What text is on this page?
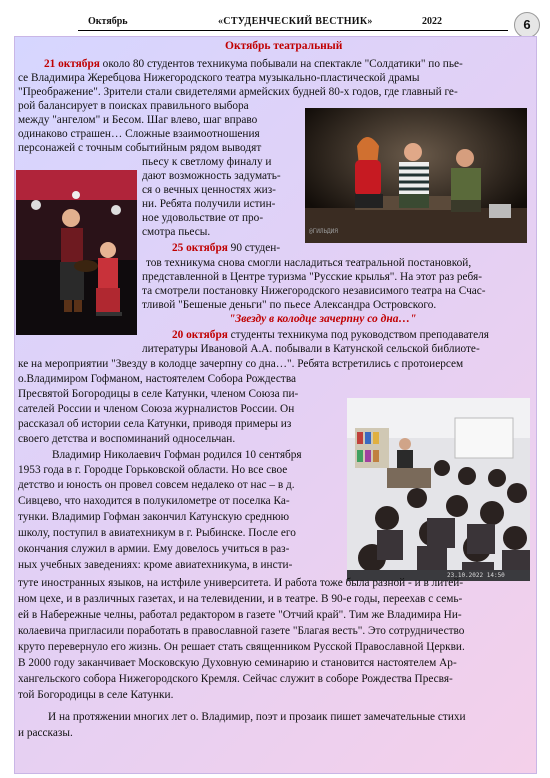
Октябрь	«СТУДЕНЧЕСКИЙ ВЕСТНИК»	2022	6
Октябрь театральный
@ГИЛЬДИЯ
23.10.2022 14:50
21 октября около 80 студентов техникума побывали на спектакле "Солдатики" по пье-
се Владимира Жеребцова Нижегородского театра музыкально-пластической драмы
"Преображение". Зрители стали свидетелями армейских будней 80-х годов, где главный ге-
рой балансирует в поисках правильного выбора
между "ангелом" и Бесом. Шаг влево, шаг вправо
одинаково страшен… Сложные взаимоотношения
персонажей с точным событийным рядом выводят
пьесу к светлому финалу и
дают возможность задумать-
ся о вечных ценностях жиз-
ни. Ребята получили истин-
ное удовольствие от про-
смотра пьесы.
25 октября 90 студен-
тов техникума снова смогли насладиться театральной постановкой,
представленной в Центре туризма "Русские крылья". На этот раз ребя-
та смотрели постановку Нижегородского независимого театра на Счас-
тливой "Бешеные деньги" по пьесе Александра Островского.
"Звезду в колодце зачерпну со дна…"
20 октября студенты техникума под руководством преподавателя
литературы Ивановой А.А. побывали в Катунской сельской библиоте-
ке на мероприятии "Звезду в колодце зачерпну со дна…". Ребята встретились с протоиерсем
о.Владимиром Гофманом, настоятелем Собора Рождества
Пресвятой Богородицы в селе Катунки, членом Союза пи-
сателей России и членом Союза журналистов России. Он
рассказал об истории села Катунки, приводя примеры из
своего детства и воспоминаний односельчан.
Владимир Николаевич Гофман родился 10 сентября
1953 года в г. Городце Горьковской области. Но все свое
детство и юность он провел совсем недалеко от нас – в д.
Сивцево, что находится в полукилометре от поселка Ка-
тунки. Владимир Гофман закончил Катунскую среднюю
школу, поступил в авиатехникум в г. Рыбинске. После его
окончания служил в армии. Ему довелось учиться в раз-
ных учебных заведениях: кроме авиатехникума, в инсти-
туте иностранных языков, на истфиле университета. И работа тоже была разной - и в литей-
ном цехе, и в различных газетах, и на телевидении, и в театре. В 90-е годы, переехав с семь-
ей в Набережные челны, работал редактором в газете "Отчий край". Тим же Владимира Ни-
колаевича пригласили поработать в православной газете "Благая весть". Это сотрудничество
круто перевернуло его жизнь. Он решает стать священником Русской Православной Церкви.
В 2000 году заканчивает Московскую Духовную семинарию и становится настоятелем Ар-
хангельского собора Нижегородского Кремля. Сейчас служит в соборе Рождества Пресвя-
той Богородицы в селе Катунки.
И на протяжении многих лет о. Владимир, поэт и прозаик пишет замечательные стихи
и рассказы.
